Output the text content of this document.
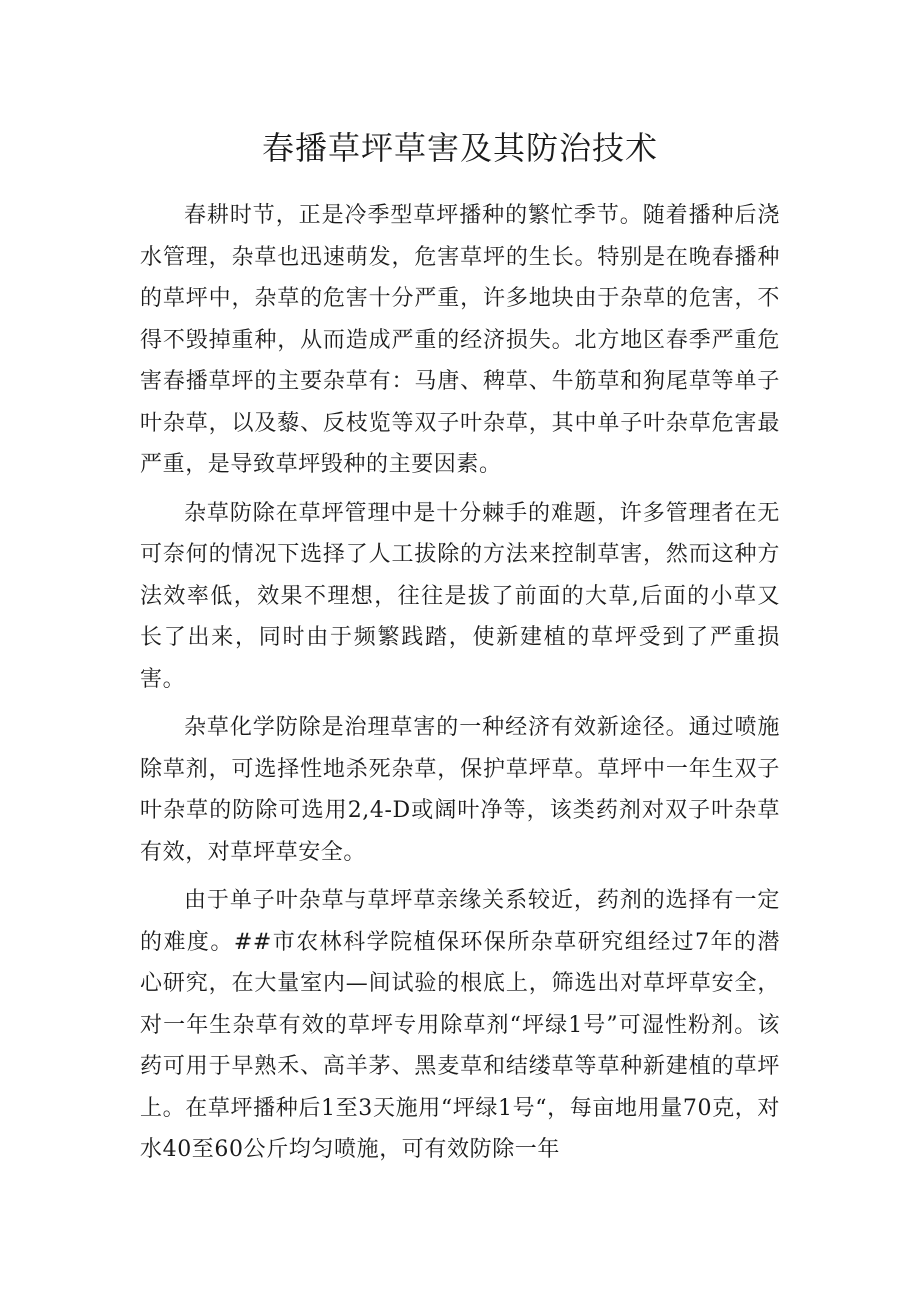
春播草坪草害及其防治技术

春耕时节，正是冷季型草坪播种的繁忙季节。随着播种后浇水管理，杂草也迅速萌发，危害草坪的生长。特别是在晚春播种的草坪中，杂草的危害十分严重，许多地块由于杂草的危害，不得不毁掉重种，从而造成严重的经济损失。北方地区春季严重危害春播草坪的主要杂草有：马唐、稗草、牛筋草和狗尾草等单子叶杂草，以及藜、反枝览等双子叶杂草，其中单子叶杂草危害最严重，是导致草坪毁种的主要因素。

杂草防除在草坪管理中是十分棘手的难题，许多管理者在无可奈何的情况下选择了人工拔除的方法来控制草害，然而这种方法效率低，效果不理想，往往是拔了前面的大草,后面的小草又长了出来，同时由于频繁践踏，使新建植的草坪受到了严重损害。

杂草化学防除是治理草害的一种经济有效新途径。通过喷施除草剂，可选择性地杀死杂草，保护草坪草。草坪中一年生双子叶杂草的防除可选用2,4-D或阔叶净等，该类药剂对双子叶杂草有效，对草坪草安全。

由于单子叶杂草与草坪草亲缘关系较近，药剂的选择有一定的难度。##市农林科学院植保环保所杂草研究组经过7年的潜心研究，在大量室内—间试验的根底上，筛选出对草坪草安全，对一年生杂草有效的草坪专用除草剂“坪绿1号”可湿性粉剂。该药可用于早熟禾、高羊茅、黑麦草和结缕草等草种新建植的草坪上。在草坪播种后1至3天施用“坪绿1号“，每亩地用量70克，对水40至60公斤均匀喷施，可有效防除一年
